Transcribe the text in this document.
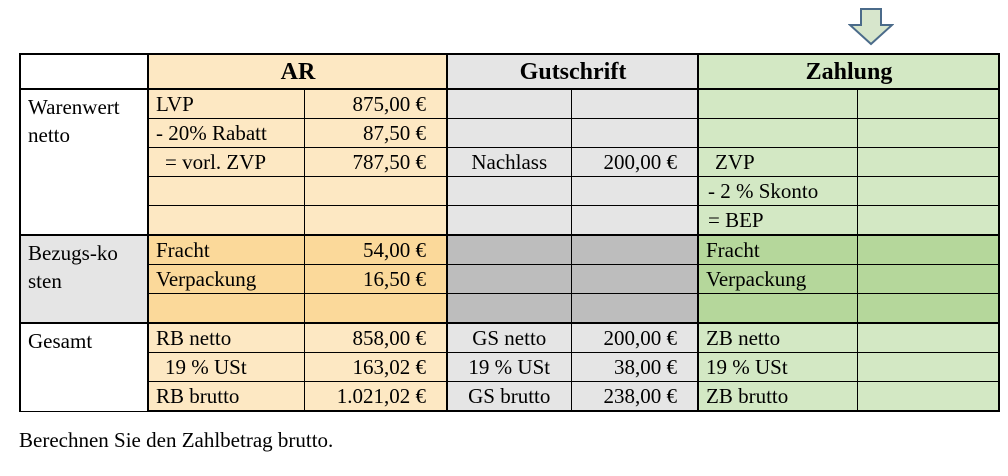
	AR		Gutschrift		Zahlung	
Warenwert netto	LVP	875,00 €				
	- 20% Rabatt	87,50 €				
	= vorl. ZVP	787,50 €	Nachlass	200,00 €	ZVP	
					- 2 % Skonto	
					= BEP	

Bezugs-kosten	Fracht	54,00 €			Fracht	
	Verpackung	16,50 €			Verpackung	

Gesamt	RB netto	858,00 €	GS netto	200,00 €	ZB netto	
	19 % USt	163,02 €	19 % USt	38,00 €	19 % USt	
	RB brutto	1.021,02 €	GS brutto	238,00 €	ZB brutto	
Berechnen Sie den Zahlbetrag brutto.
